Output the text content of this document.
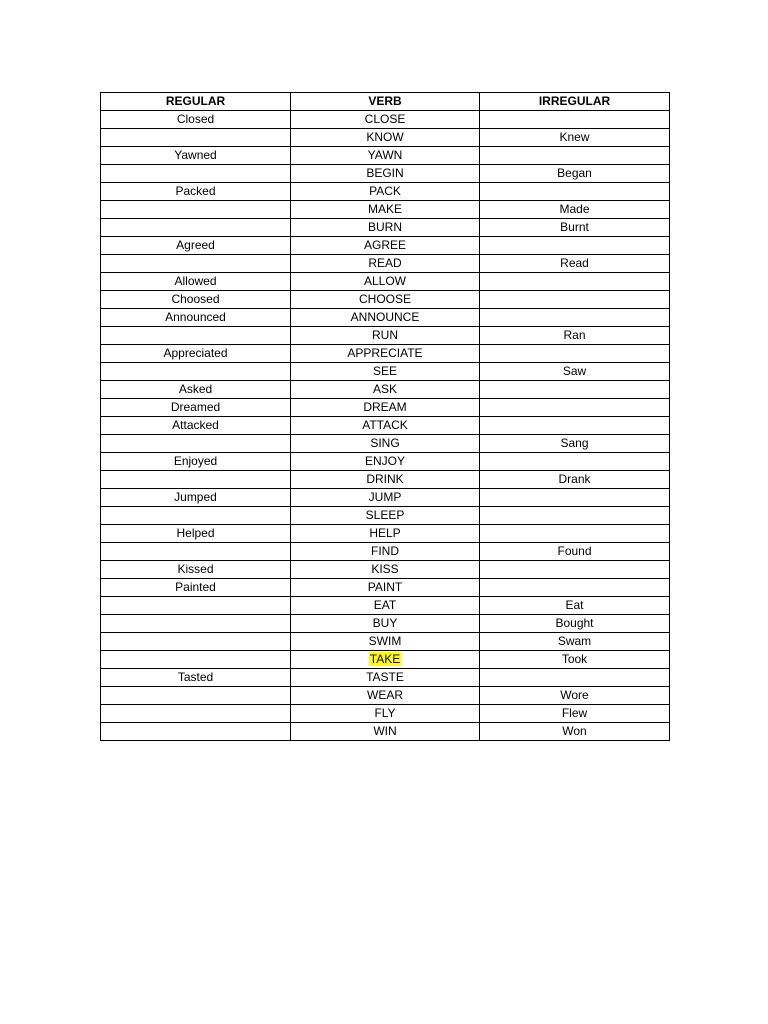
REGULAR	VERB	IRREGULAR
Closed	CLOSE	
	KNOW	Knew
Yawned	YAWN	
	BEGIN	Began
Packed	PACK	
	MAKE	Made
	BURN	Burnt
Agreed	AGREE	
	READ	Read
Allowed	ALLOW	
Choosed	CHOOSE	
Announced	ANNOUNCE	
	RUN	Ran
Appreciated	APPRECIATE	
	SEE	Saw
Asked	ASK	
Dreamed	DREAM	
Attacked	ATTACK	
	SING	Sang
Enjoyed	ENJOY	
	DRINK	Drank
Jumped	JUMP	
	SLEEP	
Helped	HELP	
	FIND	Found
Kissed	KISS	
Painted	PAINT	
	EAT	Eat
	BUY	Bought
	SWIM	Swam
	TAKE	Took
Tasted	TASTE	
	WEAR	Wore
	FLY	Flew
	WIN	Won
